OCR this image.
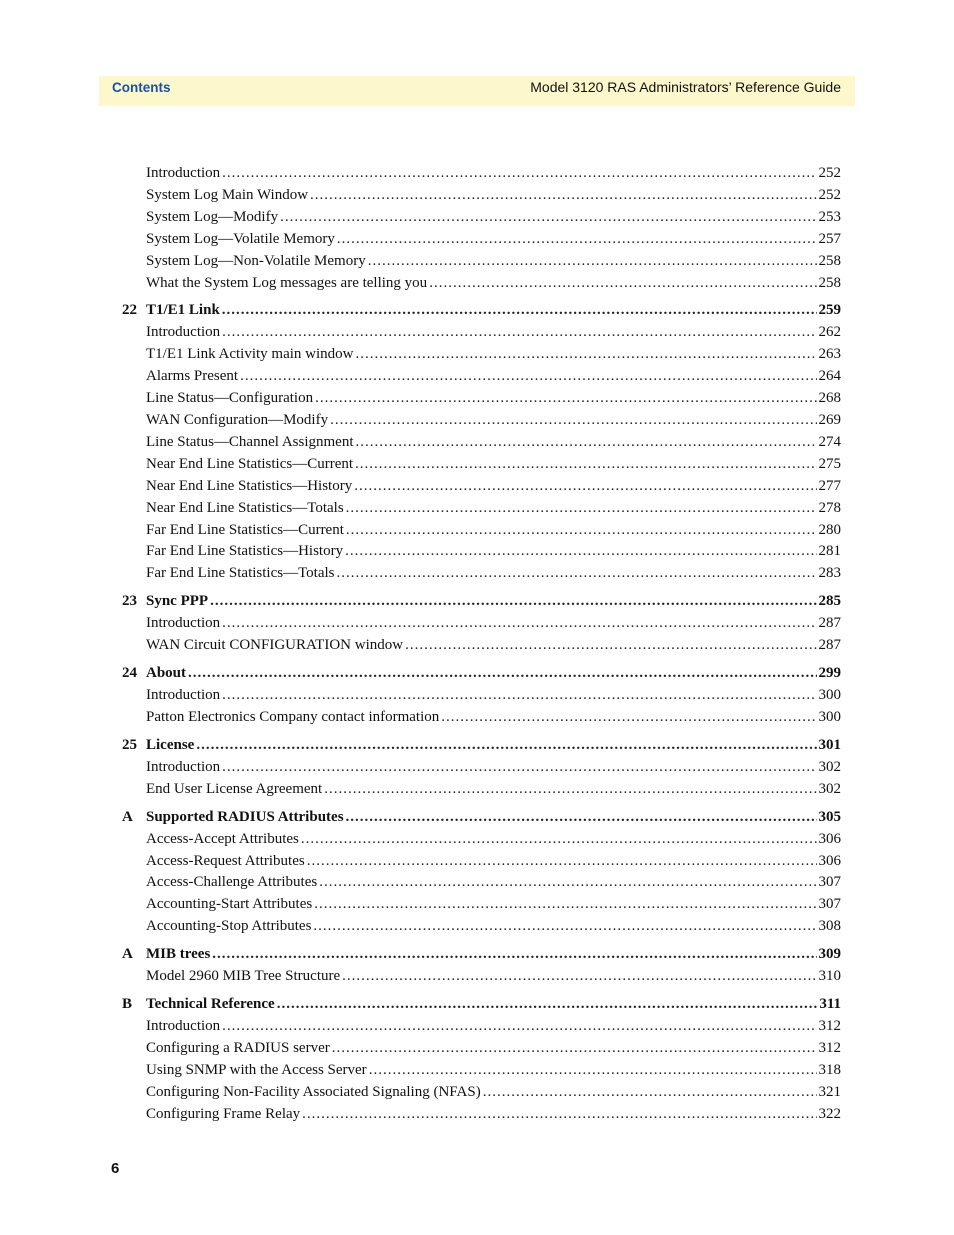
Contents	Model 3120 RAS Administrators’ Reference Guide
Introduction .....	252
System Log Main Window .....	252
System Log—Modify .....	253
System Log—Volatile Memory .....	257
System Log—Non-Volatile Memory .....	258
What the System Log messages are telling you .....	258
22 T1/E1 Link .....	259
Introduction .....	262
T1/E1 Link Activity main window .....	263
Alarms Present .....	264
Line Status—Configuration .....	268
WAN Configuration—Modify .....	269
Line Status—Channel Assignment .....	274
Near End Line Statistics—Current .....	275
Near End Line Statistics—History .....	277
Near End Line Statistics—Totals .....	278
Far End Line Statistics—Current .....	280
Far End Line Statistics—History .....	281
Far End Line Statistics—Totals .....	283
23 Sync PPP .....	285
Introduction .....	287
WAN Circuit CONFIGURATION window .....	287
24 About .....	299
Introduction .....	300
Patton Electronics Company contact information .....	300
25 License .....	301
Introduction .....	302
End User License Agreement .....	302
A Supported RADIUS Attributes .....	305
Access-Accept Attributes .....	306
Access-Request Attributes .....	306
Access-Challenge Attributes .....	307
Accounting-Start Attributes .....	307
Accounting-Stop Attributes .....	308
A MIB trees .....	309
Model 2960 MIB Tree Structure .....	310
B Technical Reference .....	311
Introduction .....	312
Configuring a RADIUS server .....	312
Using SNMP with the Access Server .....	318
Configuring Non-Facility Associated Signaling (NFAS) .....	321
Configuring Frame Relay .....	322
6
